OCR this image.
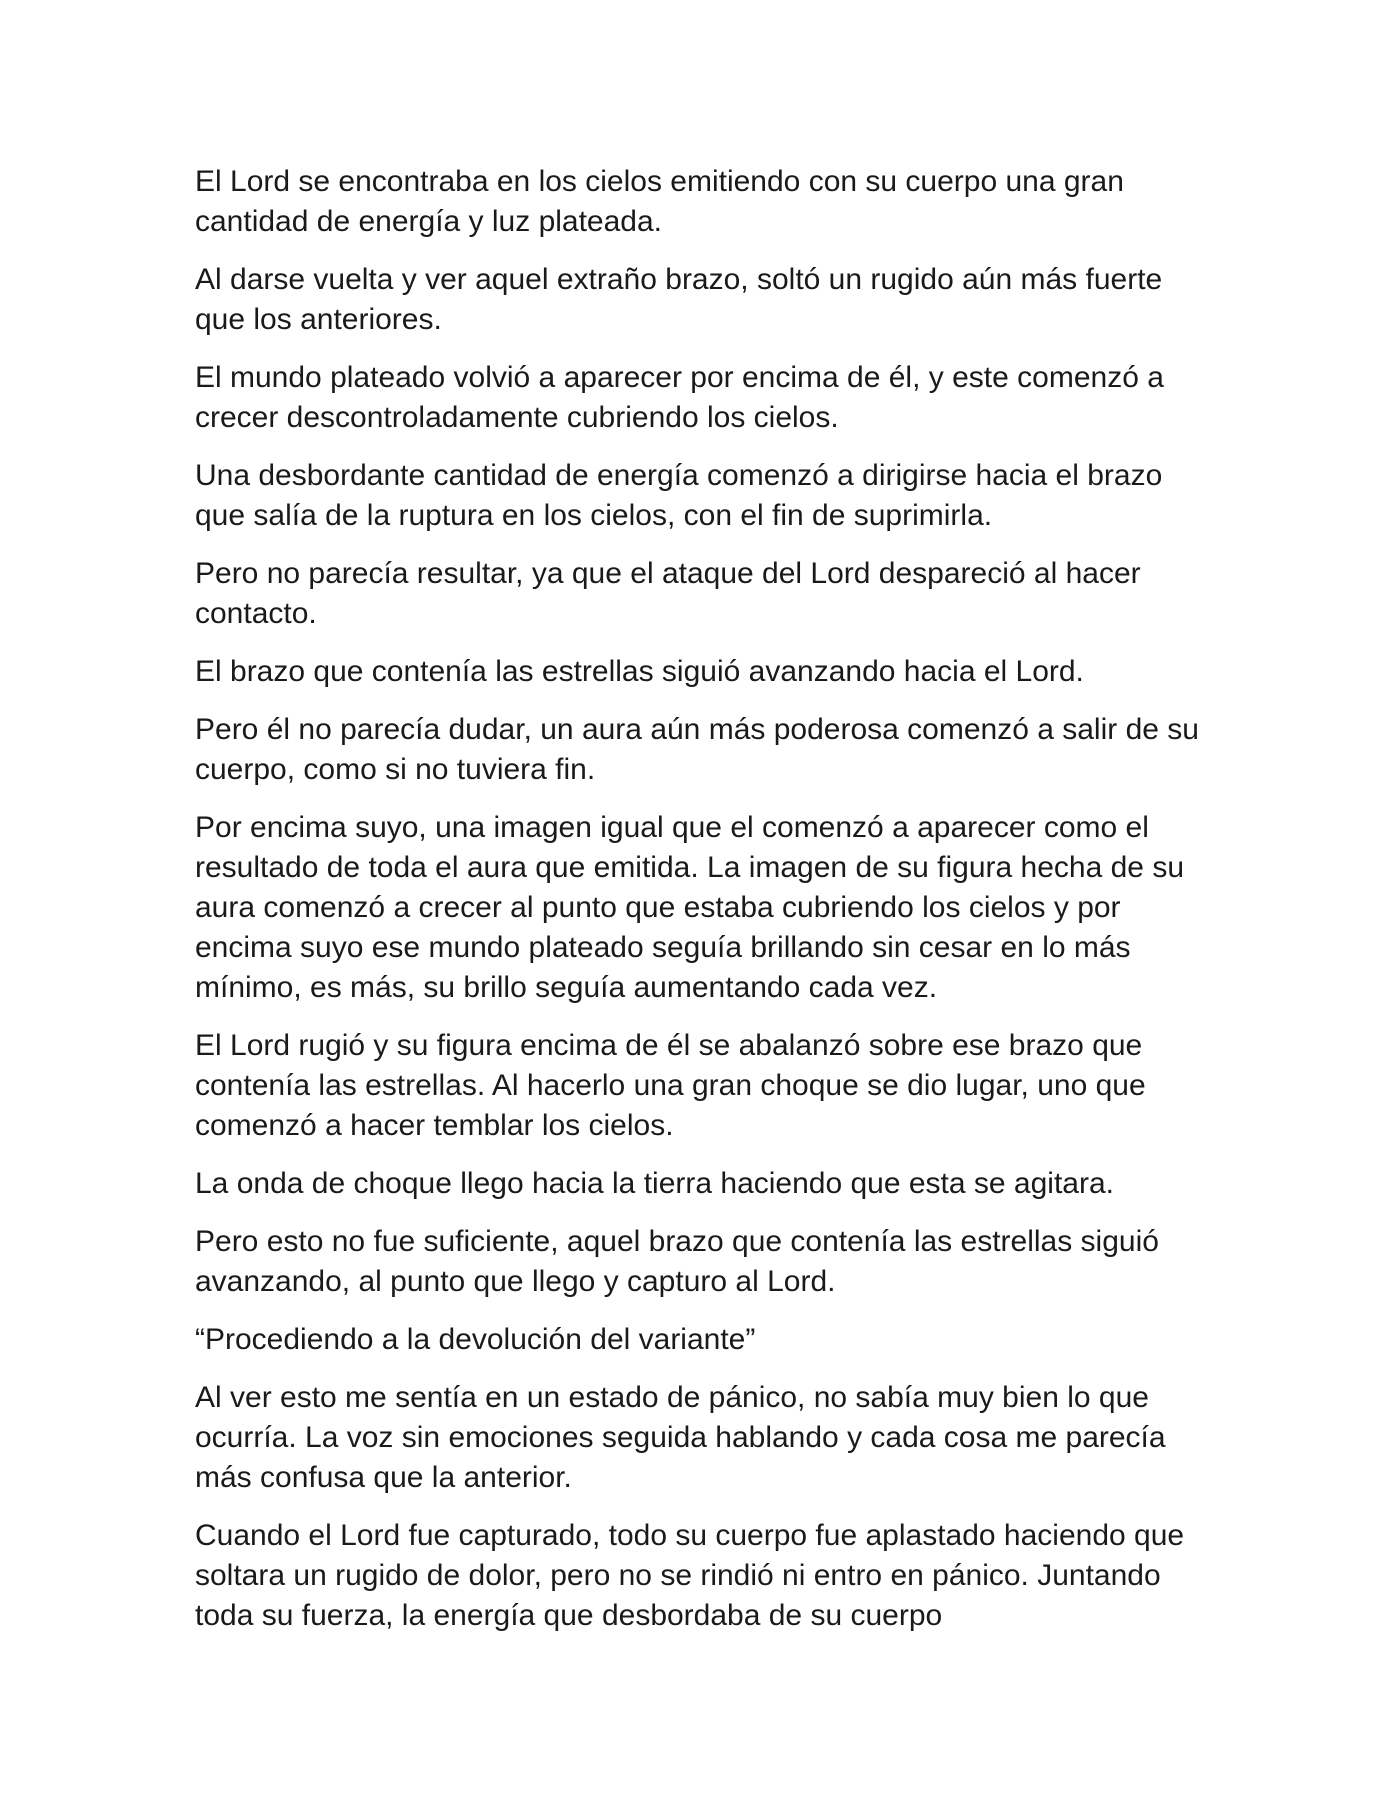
El Lord se encontraba en los cielos emitiendo con su cuerpo una gran cantidad de energía y luz plateada.

Al darse vuelta y ver aquel extraño brazo, soltó un rugido aún más fuerte que los anteriores.

El mundo plateado volvió a aparecer por encima de él, y este comenzó a crecer descontroladamente cubriendo los cielos.

Una desbordante cantidad de energía comenzó a dirigirse hacia el brazo que salía de la ruptura en los cielos, con el fin de suprimirla.

Pero no parecía resultar, ya que el ataque del Lord despareció al hacer contacto.

El brazo que contenía las estrellas siguió avanzando hacia el Lord.

Pero él no parecía dudar, un aura aún más poderosa comenzó a salir de su cuerpo, como si no tuviera fin.

Por encima suyo, una imagen igual que el comenzó a aparecer como el resultado de toda el aura que emitida. La imagen de su figura hecha de su aura comenzó a crecer al punto que estaba cubriendo los cielos y por encima suyo ese mundo plateado seguía brillando sin cesar en lo más mínimo, es más, su brillo seguía aumentando cada vez.

El Lord rugió y su figura encima de él se abalanzó sobre ese brazo que contenía las estrellas. Al hacerlo una gran choque se dio lugar, uno que comenzó a hacer temblar los cielos.

La onda de choque llego hacia la tierra haciendo que esta se agitara.

Pero esto no fue suficiente, aquel brazo que contenía las estrellas siguió avanzando, al punto que llego y capturo al Lord.

“Procediendo a la devolución del variante”

Al ver esto me sentía en un estado de pánico, no sabía muy bien lo que ocurría. La voz sin emociones seguida hablando y cada cosa me parecía más confusa que la anterior.

Cuando el Lord fue capturado, todo su cuerpo fue aplastado haciendo que soltara un rugido de dolor, pero no se rindió ni entro en pánico. Juntando toda su fuerza, la energía que desbordaba de su cuerpo
